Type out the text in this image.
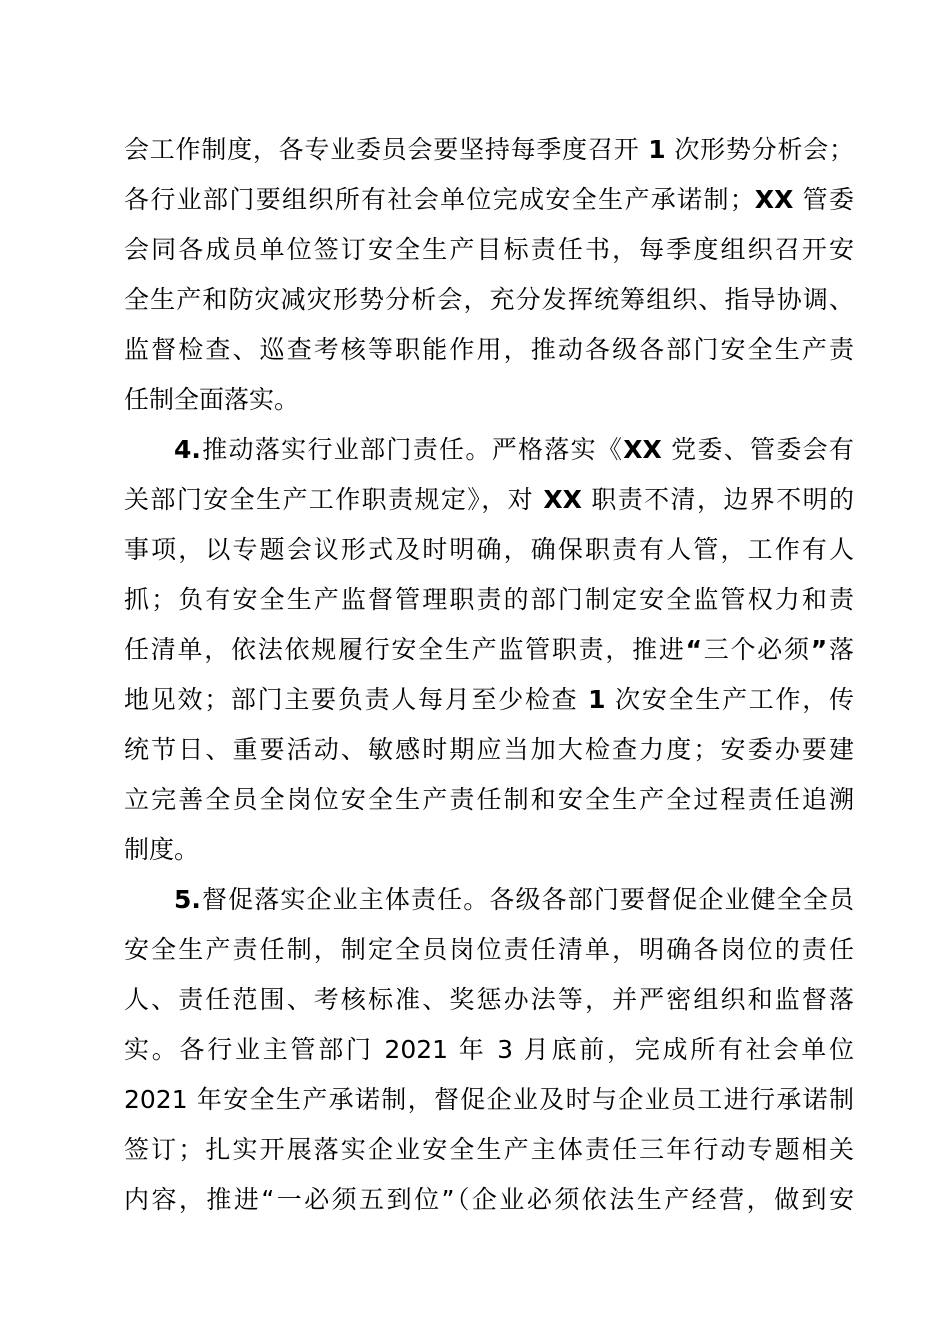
会工作制度，各专业委员会要坚持每季度召开 1 次形势分析会；
各行业部门要组织所有社会单位完成安全生产承诺制；XX 管委
会同各成员单位签订安全生产目标责任书，每季度组织召开安
全生产和防灾减灾形势分析会，充分发挥统筹组织、指导协调、
监督检查、巡查考核等职能作用，推动各级各部门安全生产责
任制全面落实。
4.推动落实行业部门责任。严格落实《XX 党委、管委会有
关部门安全生产工作职责规定》，对 XX 职责不清，边界不明的
事项，以专题会议形式及时明确，确保职责有人管，工作有人
抓；负有安全生产监督管理职责的部门制定安全监管权力和责
任清单，依法依规履行安全生产监管职责，推进“三个必须”落
地见效；部门主要负责人每月至少检查 1 次安全生产工作，传
统节日、重要活动、敏感时期应当加大检查力度；安委办要建
立完善全员全岗位安全生产责任制和安全生产全过程责任追溯
制度。
5.督促落实企业主体责任。各级各部门要督促企业健全全员
安全生产责任制，制定全员岗位责任清单，明确各岗位的责任
人、责任范围、考核标准、奖惩办法等，并严密组织和监督落
实。各行业主管部门 2021 年 3 月底前，完成所有社会单位
2021 年安全生产承诺制，督促企业及时与企业员工进行承诺制
签订；扎实开展落实企业安全生产主体责任三年行动专题相关
内容，推进“一必须五到位”（企业必须依法生产经营，做到安
